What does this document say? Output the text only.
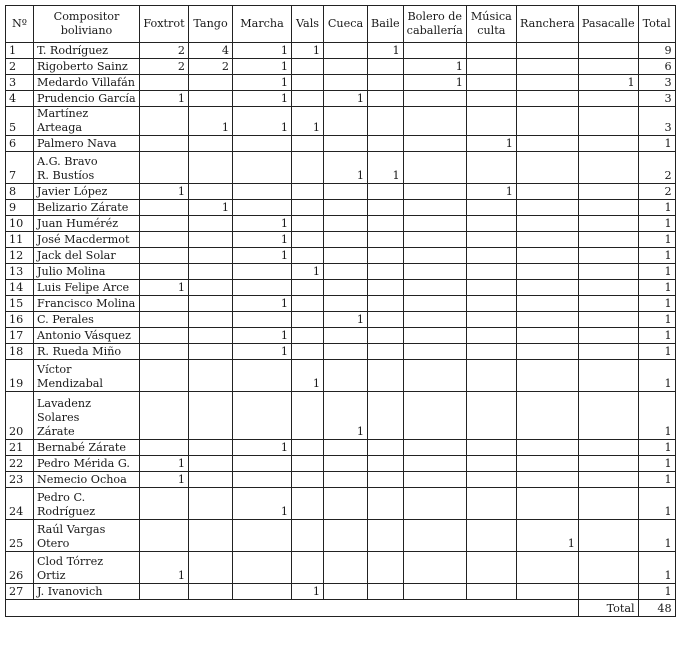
Nº	Compositor boliviano	Foxtrot	Tango	Marcha	Vals	Cueca	Baile	Bolero de caballería	Música culta	Ranchera	Pasacalle	Total
1	T. Rodríguez	2	4	1	1		1					9
2	Rigoberto Sainz	2	2	1				1				6
3	Medardo Villafán			1				1			1	3
4	Prudencio García	1		1		1						3
5	Martínez Arteaga		1	1	1							3
6	Palmero Nava								1			1
7	A.G. Bravo
R. Bustíos					1	1					2
8	Javier López	1							1			2
9	Belizario Zárate		1									1
10	Juan Huméréz			1								1
11	José Macdermot			1								1
12	Jack del Solar			1								1
13	Julio Molina				1							1
14	Luis Felipe Arce	1										1
15	Francisco Molina			1								1
16	C. Perales					1						1
17	Antonio Vásquez			1								1
18	R. Rueda Miño			1								1
19	Víctor
Mendizabal				1							1
20	Lavadenz
Solares
Zárate					1						1
21	Bernabé Zárate			1								1
22	Pedro Mérida G.	1										1
23	Nemecio Ochoa	1										1
24	Pedro C.
Rodríguez			1								1
25	Raúl Vargas
Otero									1		1
26	Clod Tórrez
Ortiz	1										1
27	J. Ivanovich				1							1
											Total	48
